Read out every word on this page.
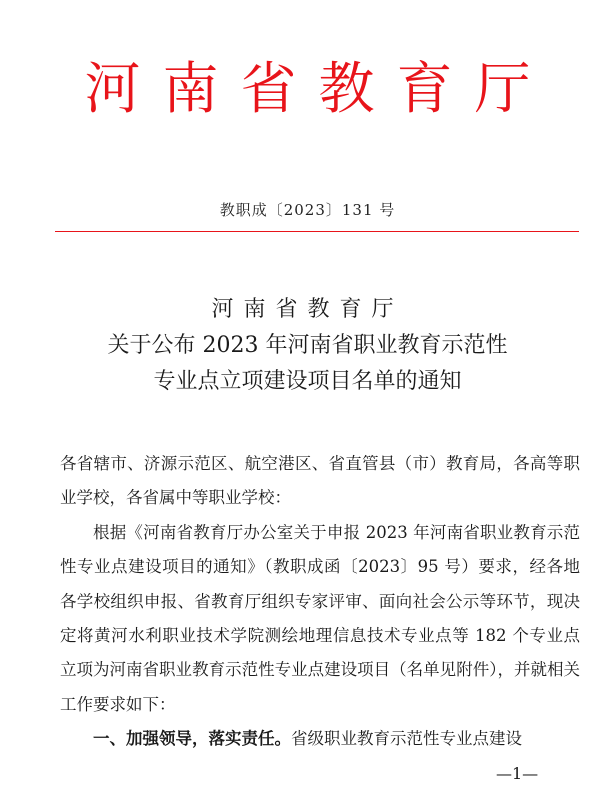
河南省教育厅
教职成〔2023〕131 号
河南省教育厅
关于公布 2023 年河南省职业教育示范性
专业点立项建设项目名单的通知

各省辖市、济源示范区、航空港区、省直管县（市）教育局，各高等职业学校，各省属中等职业学校：

根据《河南省教育厅办公室关于申报 2023 年河南省职业教育示范性专业点建设项目的通知》（教职成函〔2023〕95 号）要求，经各地各学校组织申报、省教育厅组织专家评审、面向社会公示等环节，现决定将黄河水利职业技术学院测绘地理信息技术专业点等 182 个专业点立项为河南省职业教育示范性专业点建设项目（名单见附件），并就相关工作要求如下：

一、加强领导，落实责任。省级职业教育示范性专业点建设

—1—
